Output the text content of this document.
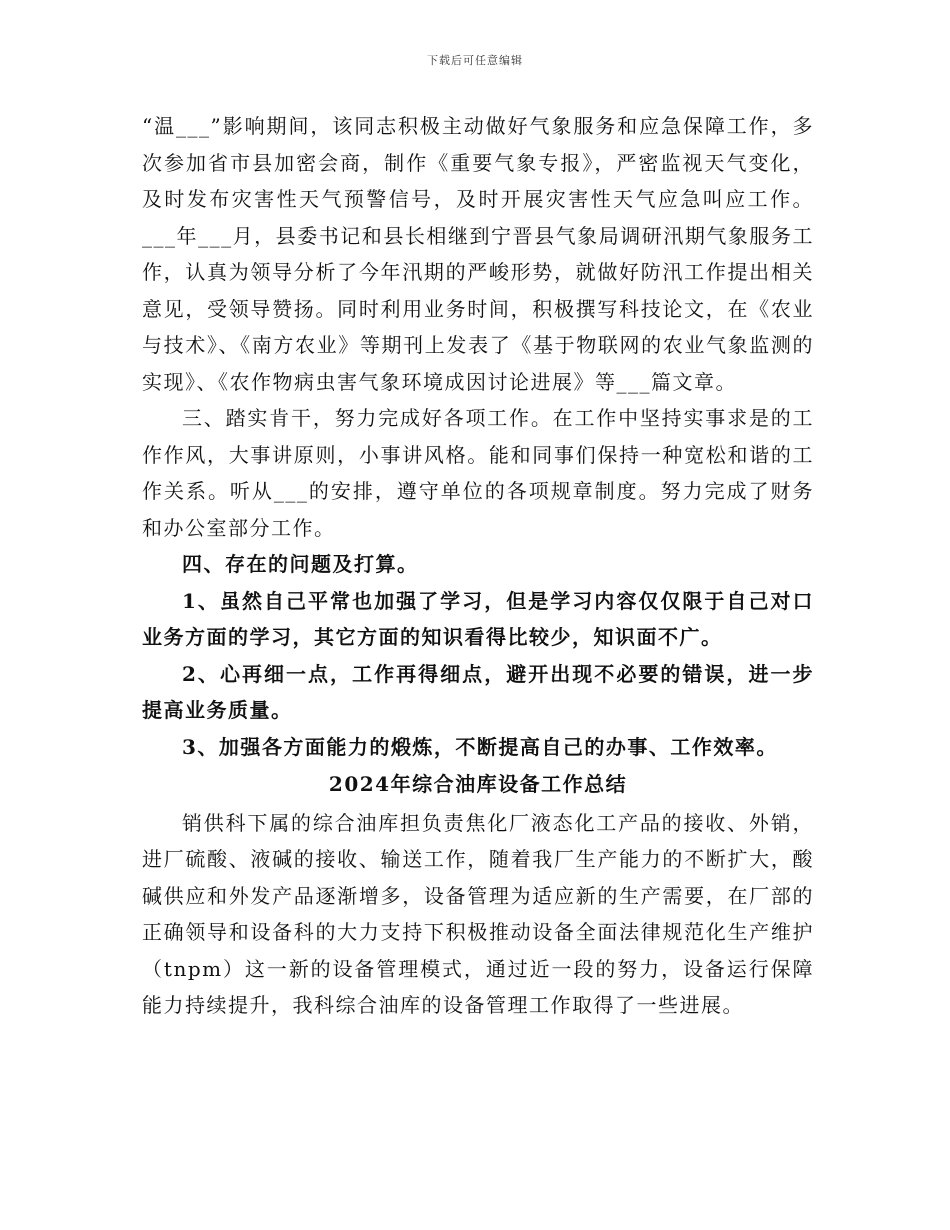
下载后可任意编辑

“温___”影响期间，该同志积极主动做好气象服务和应急保障工作，多次参加省市县加密会商，制作《重要气象专报》，严密监视天气变化，及时发布灾害性天气预警信号，及时开展灾害性天气应急叫应工作。___年___月，县委书记和县长相继到宁晋县气象局调研汛期气象服务工作，认真为领导分析了今年汛期的严峻形势，就做好防汛工作提出相关意见，受领导赞扬。同时利用业务时间，积极撰写科技论文，在《农业与技术》、《南方农业》等期刊上发表了《基于物联网的农业气象监测的实现》、《农作物病虫害气象环境成因讨论进展》等___篇文章。

三、踏实肯干，努力完成好各项工作。在工作中坚持实事求是的工作作风，大事讲原则，小事讲风格。能和同事们保持一种宽松和谐的工作关系。听从___的安排，遵守单位的各项规章制度。努力完成了财务和办公室部分工作。

四、存在的问题及打算。

1、虽然自己平常也加强了学习，但是学习内容仅仅限于自己对口业务方面的学习，其它方面的知识看得比较少，知识面不广。

2、心再细一点，工作再得细点，避开出现不必要的错误，进一步提高业务质量。

3、加强各方面能力的煅炼，不断提高自己的办事、工作效率。

2024年综合油库设备工作总结

销供科下属的综合油库担负责焦化厂液态化工产品的接收、外销，进厂硫酸、液碱的接收、输送工作，随着我厂生产能力的不断扩大，酸碱供应和外发产品逐渐增多，设备管理为适应新的生产需要，在厂部的正确领导和设备科的大力支持下积极推动设备全面法律规范化生产维护（tnpm）这一新的设备管理模式，通过近一段的努力，设备运行保障能力持续提升，我科综合油库的设备管理工作取得了一些进展。
